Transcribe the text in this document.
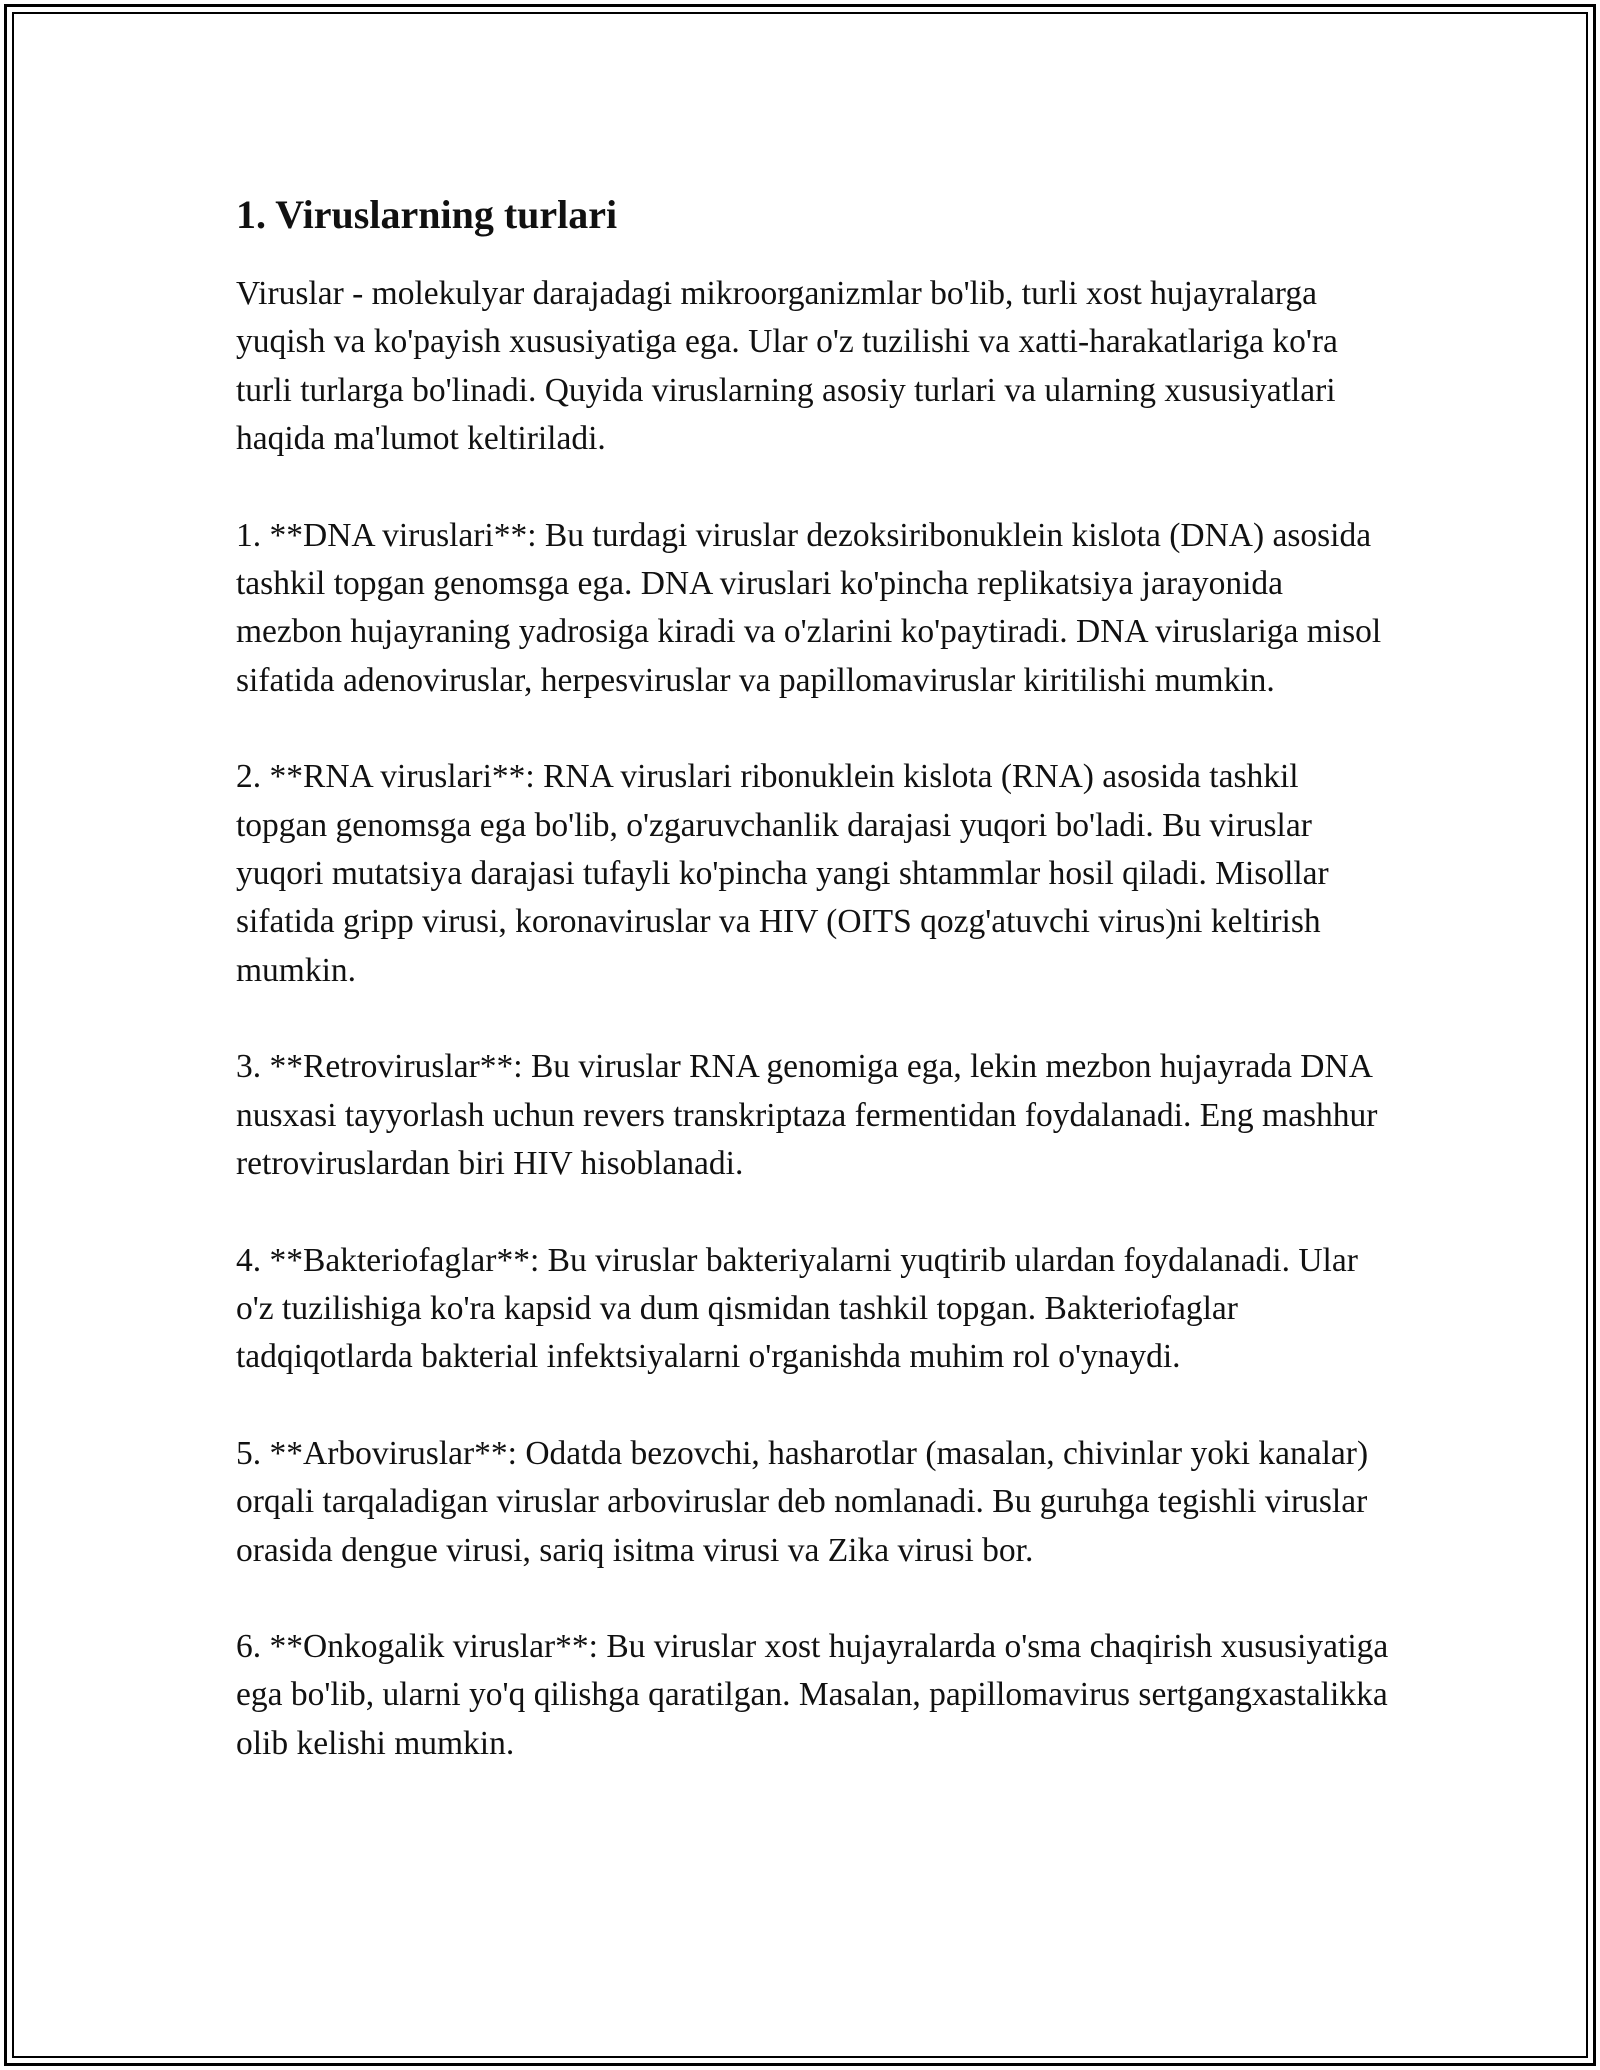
1. Viruslarning turlari

Viruslar - molekulyar darajadagi mikroorganizmlar bo'lib, turli xost hujayralarga yuqish va ko'payish xususiyatiga ega. Ular o'z tuzilishi va xatti-harakatlariga ko'ra turli turlarga bo'linadi. Quyida viruslarning asosiy turlari va ularning xususiyatlari haqida ma'lumot keltiriladi.

1. **DNA viruslari**: Bu turdagi viruslar dezoksiribonuklein kislota (DNA) asosida tashkil topgan genomsga ega. DNA viruslari ko'pincha replikatsiya jarayonida mezbon hujayraning yadrosiga kiradi va o'zlarini ko'paytiradi. DNA viruslariga misol sifatida adenoviruslar, herpesviruslar va papillomaviruslar kiritilishi mumkin.

2. **RNA viruslari**: RNA viruslari ribonuklein kislota (RNA) asosida tashkil topgan genomsga ega bo'lib, o'zgaruvchanlik darajasi yuqori bo'ladi. Bu viruslar yuqori mutatsiya darajasi tufayli ko'pincha yangi shtammlar hosil qiladi. Misollar sifatida gripp virusi, koronaviruslar va HIV (OITS qozg'atuvchi virus)ni keltirish mumkin.

3. **Retroviruslar**: Bu viruslar RNA genomiga ega, lekin mezbon hujayrada DNA nusxasi tayyorlash uchun revers transkriptaza fermentidan foydalanadi. Eng mashhur retroviruslardan biri HIV hisoblanadi.

4. **Bakteriofaglar**: Bu viruslar bakteriyalarni yuqtirib ulardan foydalanadi. Ular o'z tuzilishiga ko'ra kapsid va dum qismidan tashkil topgan. Bakteriofaglar tadqiqotlarda bakterial infektsiyalarni o'rganishda muhim rol o'ynaydi.

5. **Arboviruslar**: Odatda bezovchi, hasharotlar (masalan, chivinlar yoki kanalar) orqali tarqaladigan viruslar arboviruslar deb nomlanadi. Bu guruhga tegishli viruslar orasida dengue virusi, sariq isitma virusi va Zika virusi bor.

6. **Onkogalik viruslar**: Bu viruslar xost hujayralarda o'sma chaqirish xususiyatiga ega bo'lib, ularni yo'q qilishga qaratilgan. Masalan, papillomavirus sertgangxastalikka olib kelishi mumkin.
